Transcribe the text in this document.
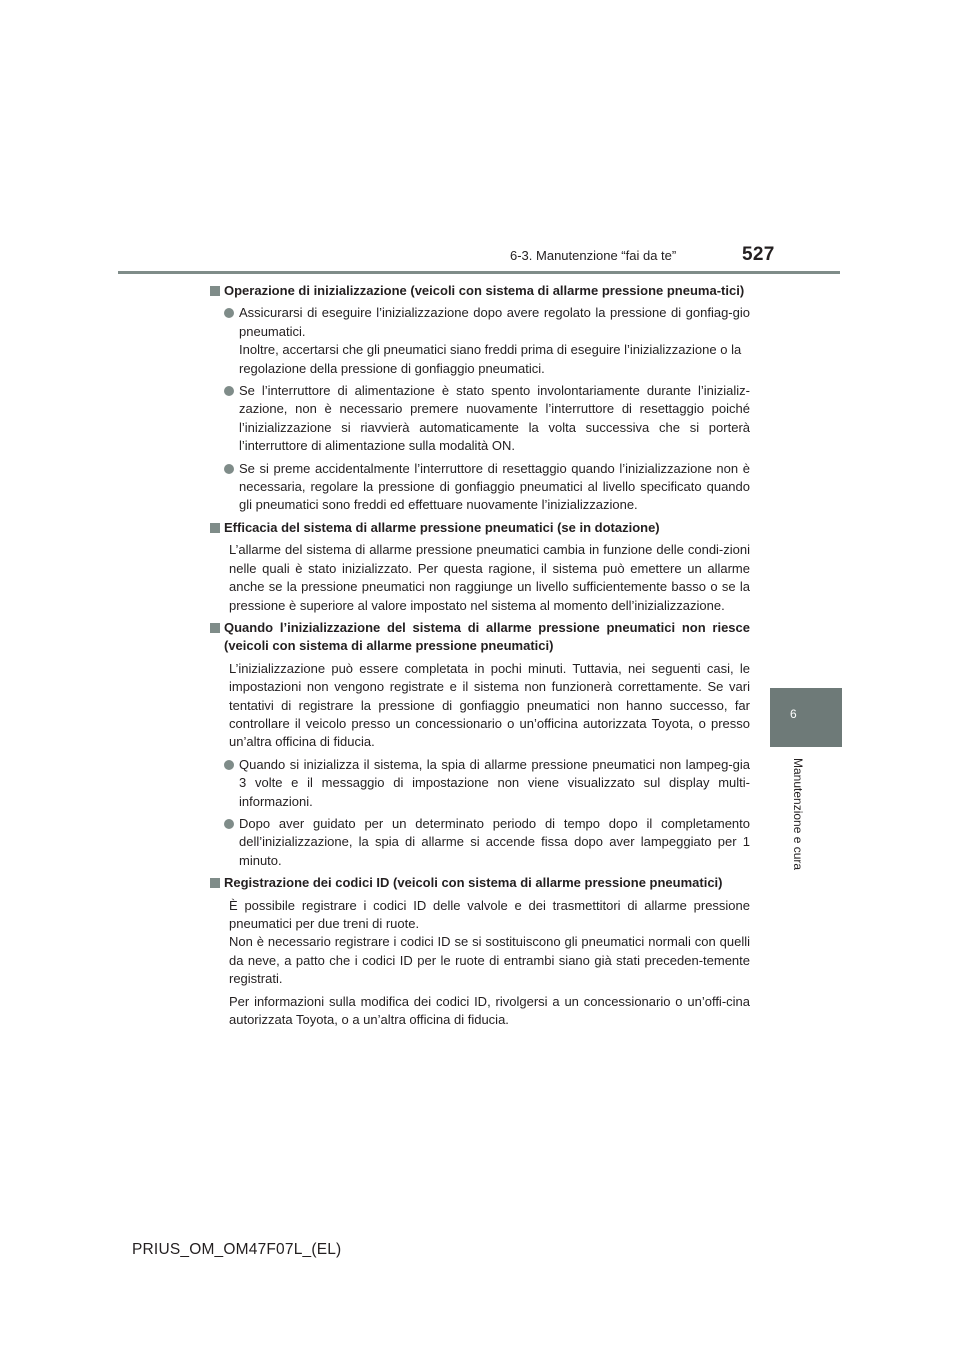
527
6-3. Manutenzione “fai da te”
6
Manutenzione e cura
Operazione di inizializzazione (veicoli con sistema di allarme pressione pneuma-tici)

Assicurarsi di eseguire l’inizializzazione dopo avere regolato la pressione di gonfiag-gio pneumatici.

Inoltre, accertarsi che gli pneumatici siano freddi prima di eseguire l’inizializzazione o la regolazione della pressione di gonfiaggio pneumatici.

Se l’interruttore di alimentazione è stato spento involontariamente durante l’inizializ-zazione, non è necessario premere nuovamente l’interruttore di resettaggio poiché l’inizializzazione si riavvierà automaticamente la volta successiva che si porterà l’interruttore di alimentazione sulla modalità ON.

Se si preme accidentalmente l’interruttore di resettaggio quando l’inizializzazione non è necessaria, regolare la pressione di gonfiaggio pneumatici al livello specificato quando gli pneumatici sono freddi ed effettuare nuovamente l’inizializzazione.

Efficacia del sistema di allarme pressione pneumatici (se in dotazione)

L’allarme del sistema di allarme pressione pneumatici cambia in funzione delle condi-zioni nelle quali è stato inizializzato. Per questa ragione, il sistema può emettere un allarme anche se la pressione pneumatici non raggiunge un livello sufficientemente basso o se la pressione è superiore al valore impostato nel sistema al momento dell’inizializzazione.

Quando l’inizializzazione del sistema di allarme pressione pneumatici non riesce (veicoli con sistema di allarme pressione pneumatici)

L’inizializzazione può essere completata in pochi minuti. Tuttavia, nei seguenti casi, le impostazioni non vengono registrate e il sistema non funzionerà correttamente. Se vari tentativi di registrare la pressione di gonfiaggio pneumatici non hanno successo, far controllare il veicolo presso un concessionario o un’officina autorizzata Toyota, o presso un’altra officina di fiducia.

Quando si inizializza il sistema, la spia di allarme pressione pneumatici non lampeg-gia 3 volte e il messaggio di impostazione non viene visualizzato sul display multi-informazioni.

Dopo aver guidato per un determinato periodo di tempo dopo il completamento dell’inizializzazione, la spia di allarme si accende fissa dopo aver lampeggiato per 1 minuto.

Registrazione dei codici ID (veicoli con sistema di allarme pressione pneumatici)

È possibile registrare i codici ID delle valvole e dei trasmettitori di allarme pressione pneumatici per due treni di ruote.

Non è necessario registrare i codici ID se si sostituiscono gli pneumatici normali con quelli da neve, a patto che i codici ID per le ruote di entrambi siano già stati preceden-temente registrati.

Per informazioni sulla modifica dei codici ID, rivolgersi a un concessionario o un’offi-cina autorizzata Toyota, o a un’altra officina di fiducia.

PRIUS_OM_OM47F07L_(EL)
